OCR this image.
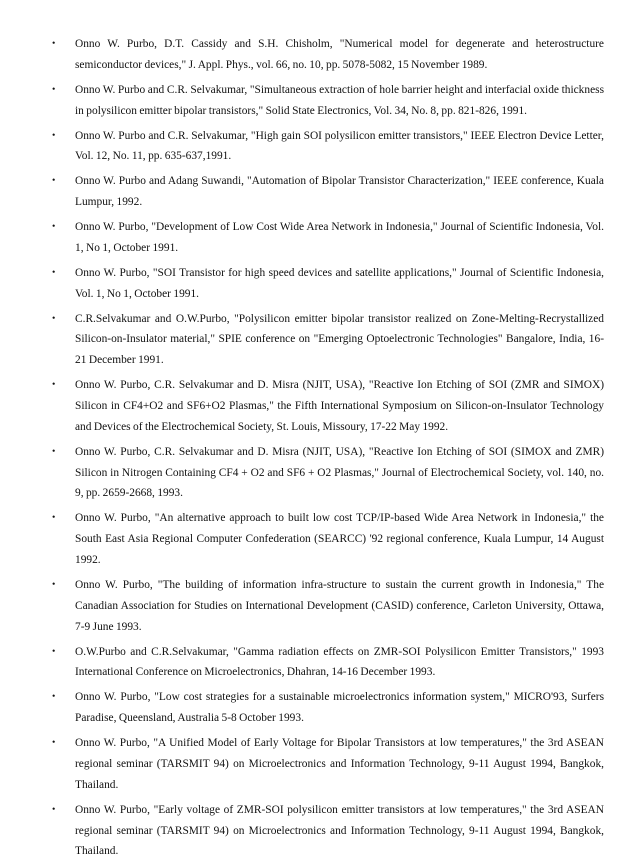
• Onno W. Purbo, D.T. Cassidy and S.H. Chisholm, "Numerical model for degenerate and heterostructure semiconductor devices," J. Appl. Phys., vol. 66, no. 10, pp. 5078-5082, 15 November 1989.
• Onno W. Purbo and C.R. Selvakumar, "Simultaneous extraction of hole barrier height and interfacial oxide thickness in polysilicon emitter bipolar transistors," Solid State Electronics, Vol. 34, No. 8, pp. 821-826, 1991.
• Onno W. Purbo and C.R. Selvakumar, "High gain SOI polysilicon emitter transistors," IEEE Electron Device Letter, Vol. 12, No. 11, pp. 635-637,1991.
• Onno W. Purbo and Adang Suwandi, "Automation of Bipolar Transistor Characterization," IEEE conference, Kuala Lumpur, 1992.
• Onno W. Purbo, "Development of Low Cost Wide Area Network in Indonesia," Journal of Scientific Indonesia, Vol. 1, No 1, October 1991.
• Onno W. Purbo, "SOI Transistor for high speed devices and satellite applications," Journal of Scientific Indonesia, Vol. 1, No 1, October 1991.
• C.R.Selvakumar and O.W.Purbo, "Polysilicon emitter bipolar transistor realized on Zone-Melting-Recrystallized Silicon-on-Insulator material," SPIE conference on "Emerging Optoelectronic Technologies" Bangalore, India, 16-21 December 1991.
• Onno W. Purbo, C.R. Selvakumar and D. Misra (NJIT, USA), "Reactive Ion Etching of SOI (ZMR and SIMOX) Silicon in CF4+O2 and SF6+O2 Plasmas," the Fifth International Symposium on Silicon-on-Insulator Technology and Devices of the Electrochemical Society, St. Louis, Missoury, 17-22 May 1992.
• Onno W. Purbo, C.R. Selvakumar and D. Misra (NJIT, USA), "Reactive Ion Etching of SOI (SIMOX and ZMR) Silicon in Nitrogen Containing CF4 + O2 and SF6 + O2 Plasmas," Journal of Electrochemical Society, vol. 140, no. 9, pp. 2659-2668, 1993.
• Onno W. Purbo, "An alternative approach to built low cost TCP/IP-based Wide Area Network in Indonesia," the South East Asia Regional Computer Confederation (SEARCC) '92 regional conference, Kuala Lumpur, 14 August 1992.
• Onno W. Purbo, "The building of information infra-structure to sustain the current growth in Indonesia," The Canadian Association for Studies on International Development (CASID) conference, Carleton University, Ottawa, 7-9 June 1993.
• O.W.Purbo and C.R.Selvakumar, "Gamma radiation effects on ZMR-SOI Polysilicon Emitter Transistors," 1993 International Conference on Microelectronics, Dhahran, 14-16 December 1993.
• Onno W. Purbo, "Low cost strategies for a sustainable microelectronics information system," MICRO'93, Surfers Paradise, Queensland, Australia 5-8 October 1993.
• Onno W. Purbo, "A Unified Model of Early Voltage for Bipolar Transistors at low temperatures," the 3rd ASEAN regional seminar (TARSMIT 94) on Microelectronics and Information Technology, 9-11 August 1994, Bangkok, Thailand.
• Onno W. Purbo, "Early voltage of ZMR-SOI polysilicon emitter transistors at low temperatures," the 3rd ASEAN regional seminar (TARSMIT 94) on Microelectronics and Information Technology, 9-11 August 1994, Bangkok, Thailand.
